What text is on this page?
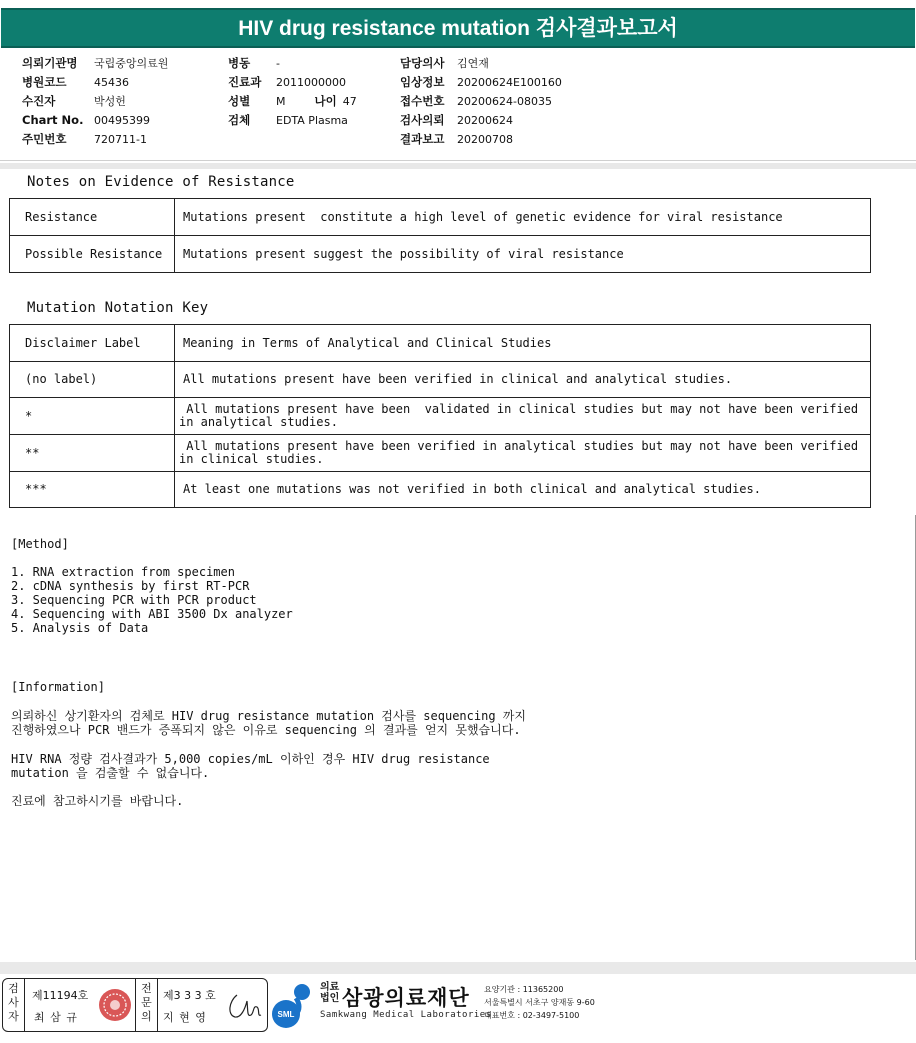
HIV drug resistance mutation 검사결과보고서
의뢰기관명	국립중앙의료원
병원코드	45436
수진자	박성헌
Chart No. 00495399
주민번호	720711-1
병동	-
진료과	2011000000
성별	M	나이 47
검체	EDTA Plasma
담당의사	김연재
임상정보	20200624E100160
접수번호	20200624-08035
검사의뢰	20200624
결과보고	20200708
Notes on Evidence of Resistance
Resistance	Mutations present  constitute a high level of genetic evidence for viral resistance
Possible Resistance	Mutations present suggest the possibility of viral resistance
Mutation Notation Key
Disclaimer Label	Meaning in Terms of Analytical and Clinical Studies
(no label)	All mutations present have been verified in clinical and analytical studies.
*	All mutations present have been  validated in clinical studies but may not have been verified
in analytical studies.
**	All mutations present have been verified in analytical studies but may not have been verified
in clinical studies.
***	At least one mutations was not verified in both clinical and analytical studies.
[Method]
1. RNA extraction from specimen
2. cDNA synthesis by first RT-PCR
3. Sequencing PCR with PCR product
4. Sequencing with ABI 3500 Dx analyzer
5. Analysis of Data
[Information]
의뢰하신 상기환자의 검체로 HIV drug resistance mutation 검사를 sequencing 까지
진행하였으나 PCR 밴드가 증폭되지 않은 이유로 sequencing 의 결과를 얻지 못했습니다.
HIV RNA 정량 검사결과가 5,000 copies/mL 이하인 경우 HIV drug resistance
mutation 을 검출할 수 없습니다.
진료에 참고하시기를 바랍니다.
검사자
제11194호
최 삼 규
전문의
제3 3 3 호
지 현 영	SML
의료법인 삼광의료재단
Samkwang Medical Laboratories
요양기관 : 11365200
서울특별시 서초구 양재동 9-60
대표번호 : 02-3497-5100
